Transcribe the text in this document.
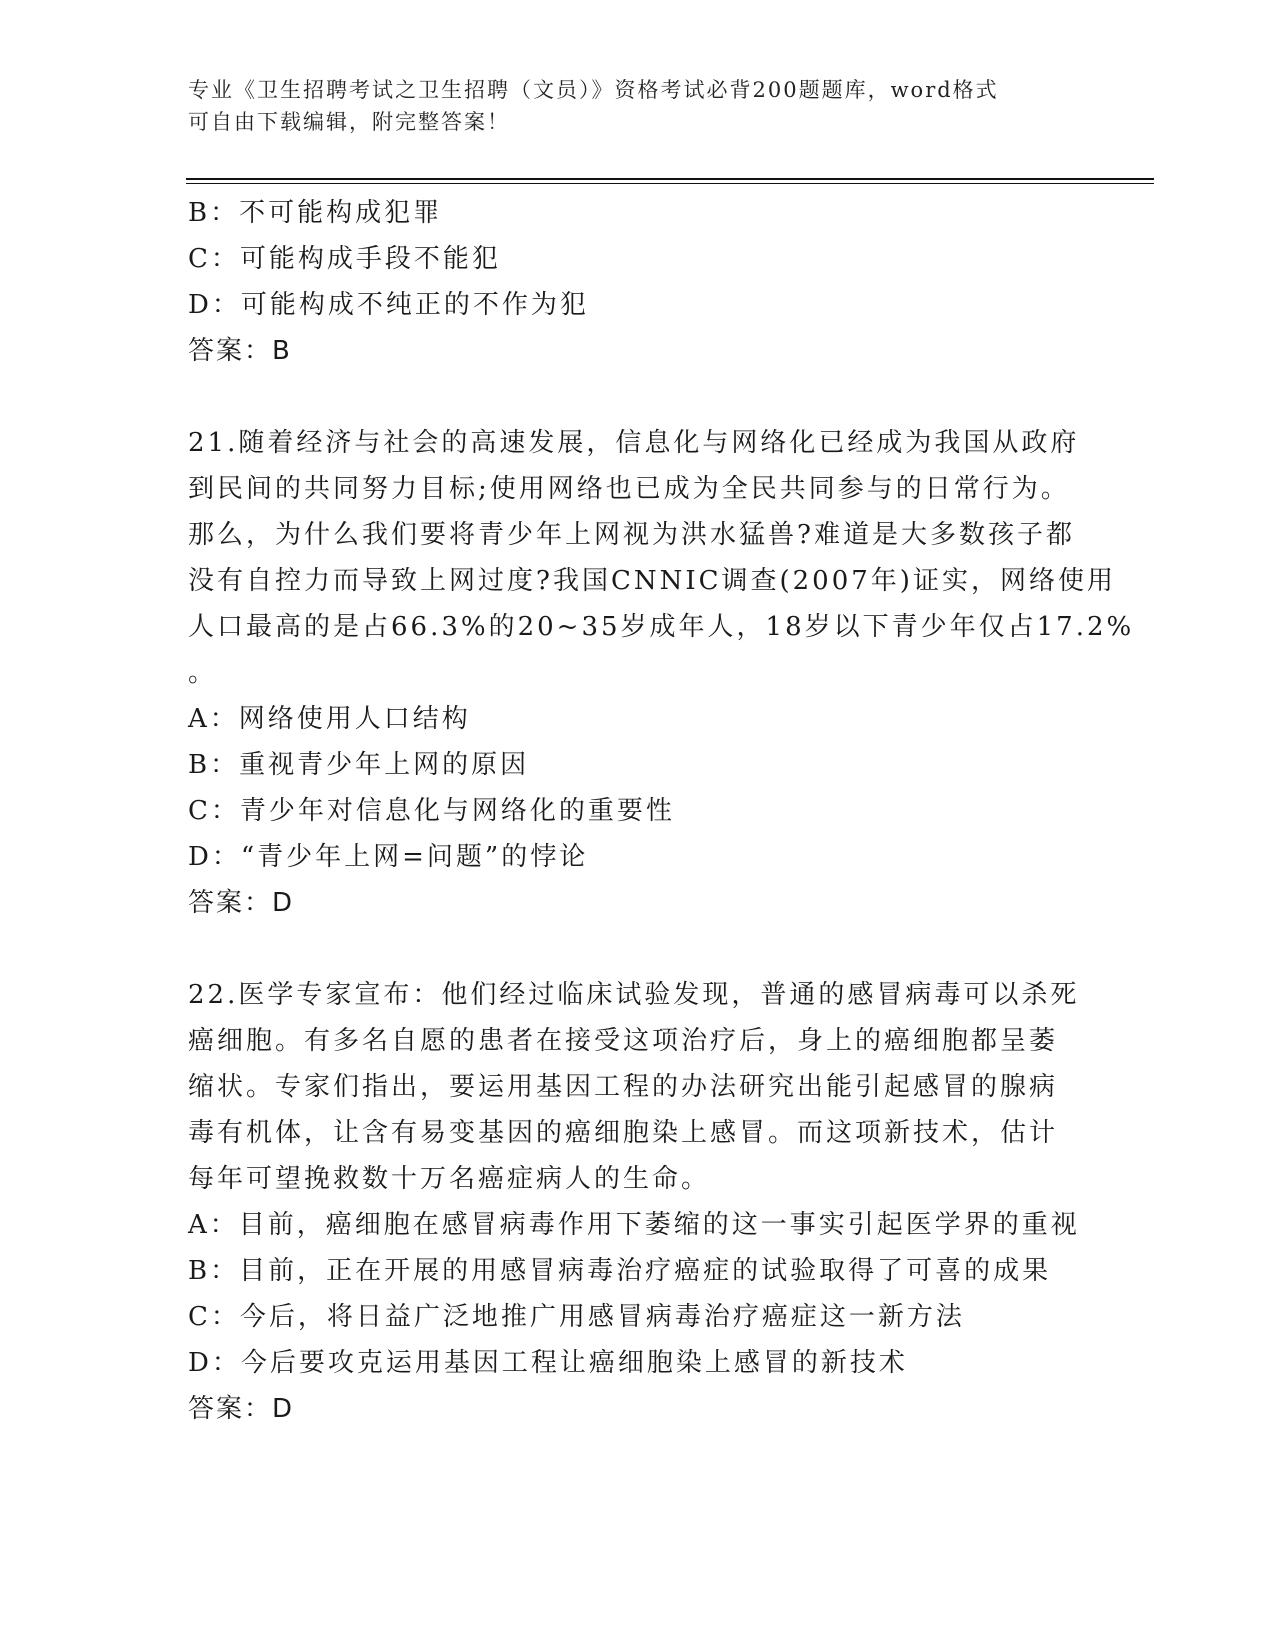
专业《卫生招聘考试之卫生招聘（文员）》资格考试必背200题题库，word格式
可自由下载编辑，附完整答案！
B：不可能构成犯罪
C：可能构成手段不能犯
D：可能构成不纯正的不作为犯
答案：B
21.随着经济与社会的高速发展，信息化与网络化已经成为我国从政府
到民间的共同努力目标;使用网络也已成为全民共同参与的日常行为。
那么，为什么我们要将青少年上网视为洪水猛兽?难道是大多数孩子都
没有自控力而导致上网过度?我国CNNIC调查(2007年)证实，网络使用
人口最高的是占66.3%的20~35岁成年人，18岁以下青少年仅占17.2%
。
A：网络使用人口结构
B：重视青少年上网的原因
C：青少年对信息化与网络化的重要性
D：“青少年上网=问题”的悖论
答案：D
22.医学专家宣布：他们经过临床试验发现，普通的感冒病毒可以杀死
癌细胞。有多名自愿的患者在接受这项治疗后，身上的癌细胞都呈萎
缩状。专家们指出，要运用基因工程的办法研究出能引起感冒的腺病
毒有机体，让含有易变基因的癌细胞染上感冒。而这项新技术，估计
每年可望挽救数十万名癌症病人的生命。
A：目前，癌细胞在感冒病毒作用下萎缩的这一事实引起医学界的重视
B：目前，正在开展的用感冒病毒治疗癌症的试验取得了可喜的成果
C：今后，将日益广泛地推广用感冒病毒治疗癌症这一新方法
D：今后要攻克运用基因工程让癌细胞染上感冒的新技术
答案：D
